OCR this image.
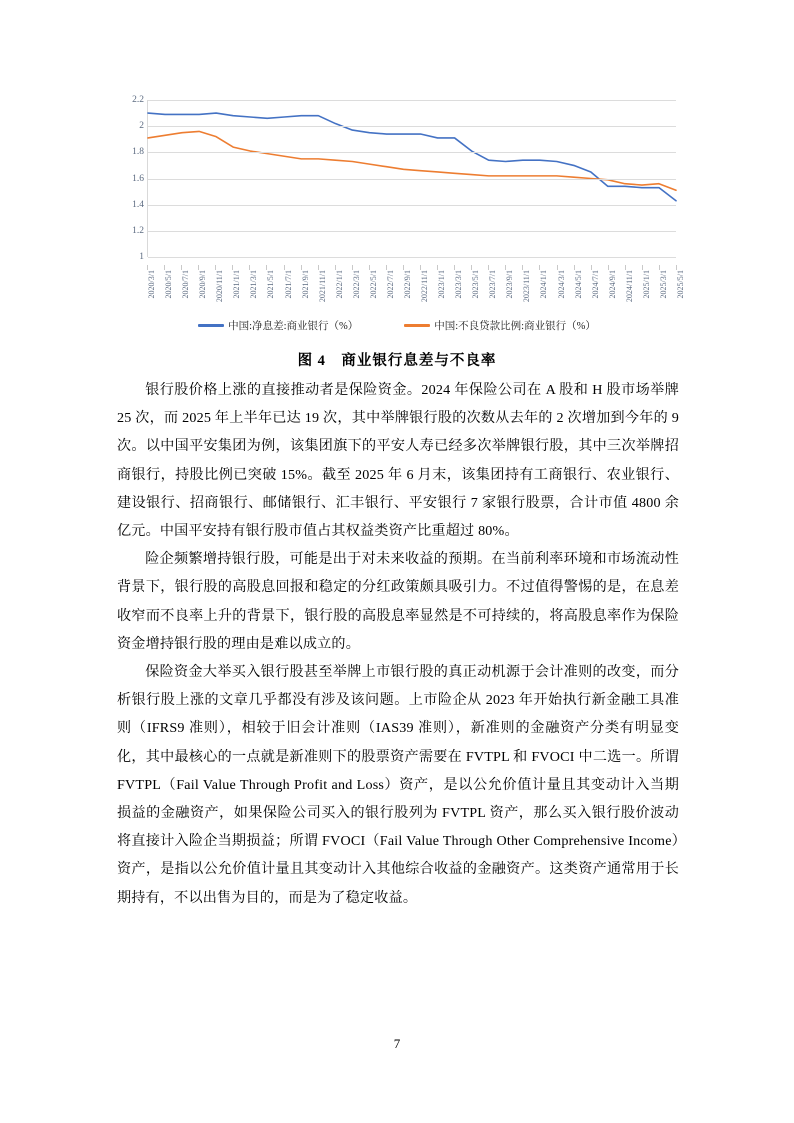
2.2
2
1.8
1.6
1.4
1.2
1
2020/3/1 2020/5/1 2020/7/1 2020/9/1 2020/11/1 2021/1/1 2021/3/1 2021/5/1 2021/7/1 2021/9/1 2021/11/1 2022/1/1 2022/3/1 2022/5/1 2022/7/1 2022/9/1 2022/11/1 2023/1/1 2023/3/1 2023/5/1 2023/7/1 2023/9/1 2023/11/1 2024/1/1 2024/3/1 2024/5/1 2024/7/1 2024/9/1 2024/11/1 2025/1/1 2025/3/1 2025/5/1
中国:净息差:商业银行（%）	中国:不良贷款比例:商业银行（%）
图 4　商业银行息差与不良率

银行股价格上涨的直接推动者是保险资金。2024 年保险公司在 A 股和 H 股市场举牌 25 次，而 2025 年上半年已达 19 次，其中举牌银行股的次数从去年的 2 次增加到今年的 9 次。以中国平安集团为例，该集团旗下的平安人寿已经多次举牌银行股，其中三次举牌招商银行，持股比例已突破 15%。截至 2025 年 6 月末，该集团持有工商银行、农业银行、建设银行、招商银行、邮储银行、汇丰银行、平安银行 7 家银行股票，合计市值 4800 余亿元。中国平安持有银行股市值占其权益类资产比重超过 80%。

险企频繁增持银行股，可能是出于对未来收益的预期。在当前利率环境和市场流动性背景下，银行股的高股息回报和稳定的分红政策颇具吸引力。不过值得警惕的是，在息差收窄而不良率上升的背景下，银行股的高股息率显然是不可持续的，将高股息率作为保险资金增持银行股的理由是难以成立的。

保险资金大举买入银行股甚至举牌上市银行股的真正动机源于会计准则的改变，而分析银行股上涨的文章几乎都没有涉及该问题。上市险企从 2023 年开始执行新金融工具准则（IFRS9 准则），相较于旧会计准则（IAS39 准则），新准则的金融资产分类有明显变化，其中最核心的一点就是新准则下的股票资产需要在 FVTPL 和 FVOCI 中二选一。所谓 FVTPL（Fail Value Through Profit and Loss）资产，是以公允价值计量且其变动计入当期损益的金融资产，如果保险公司买入的银行股列为 FVTPL 资产，那么买入银行股价波动将直接计入险企当期损益；所谓 FVOCI（Fail Value Through Other Comprehensive Income）资产，是指以公允价值计量且其变动计入其他综合收益的金融资产。这类资产通常用于长期持有，不以出售为目的，而是为了稳定收益。

7
